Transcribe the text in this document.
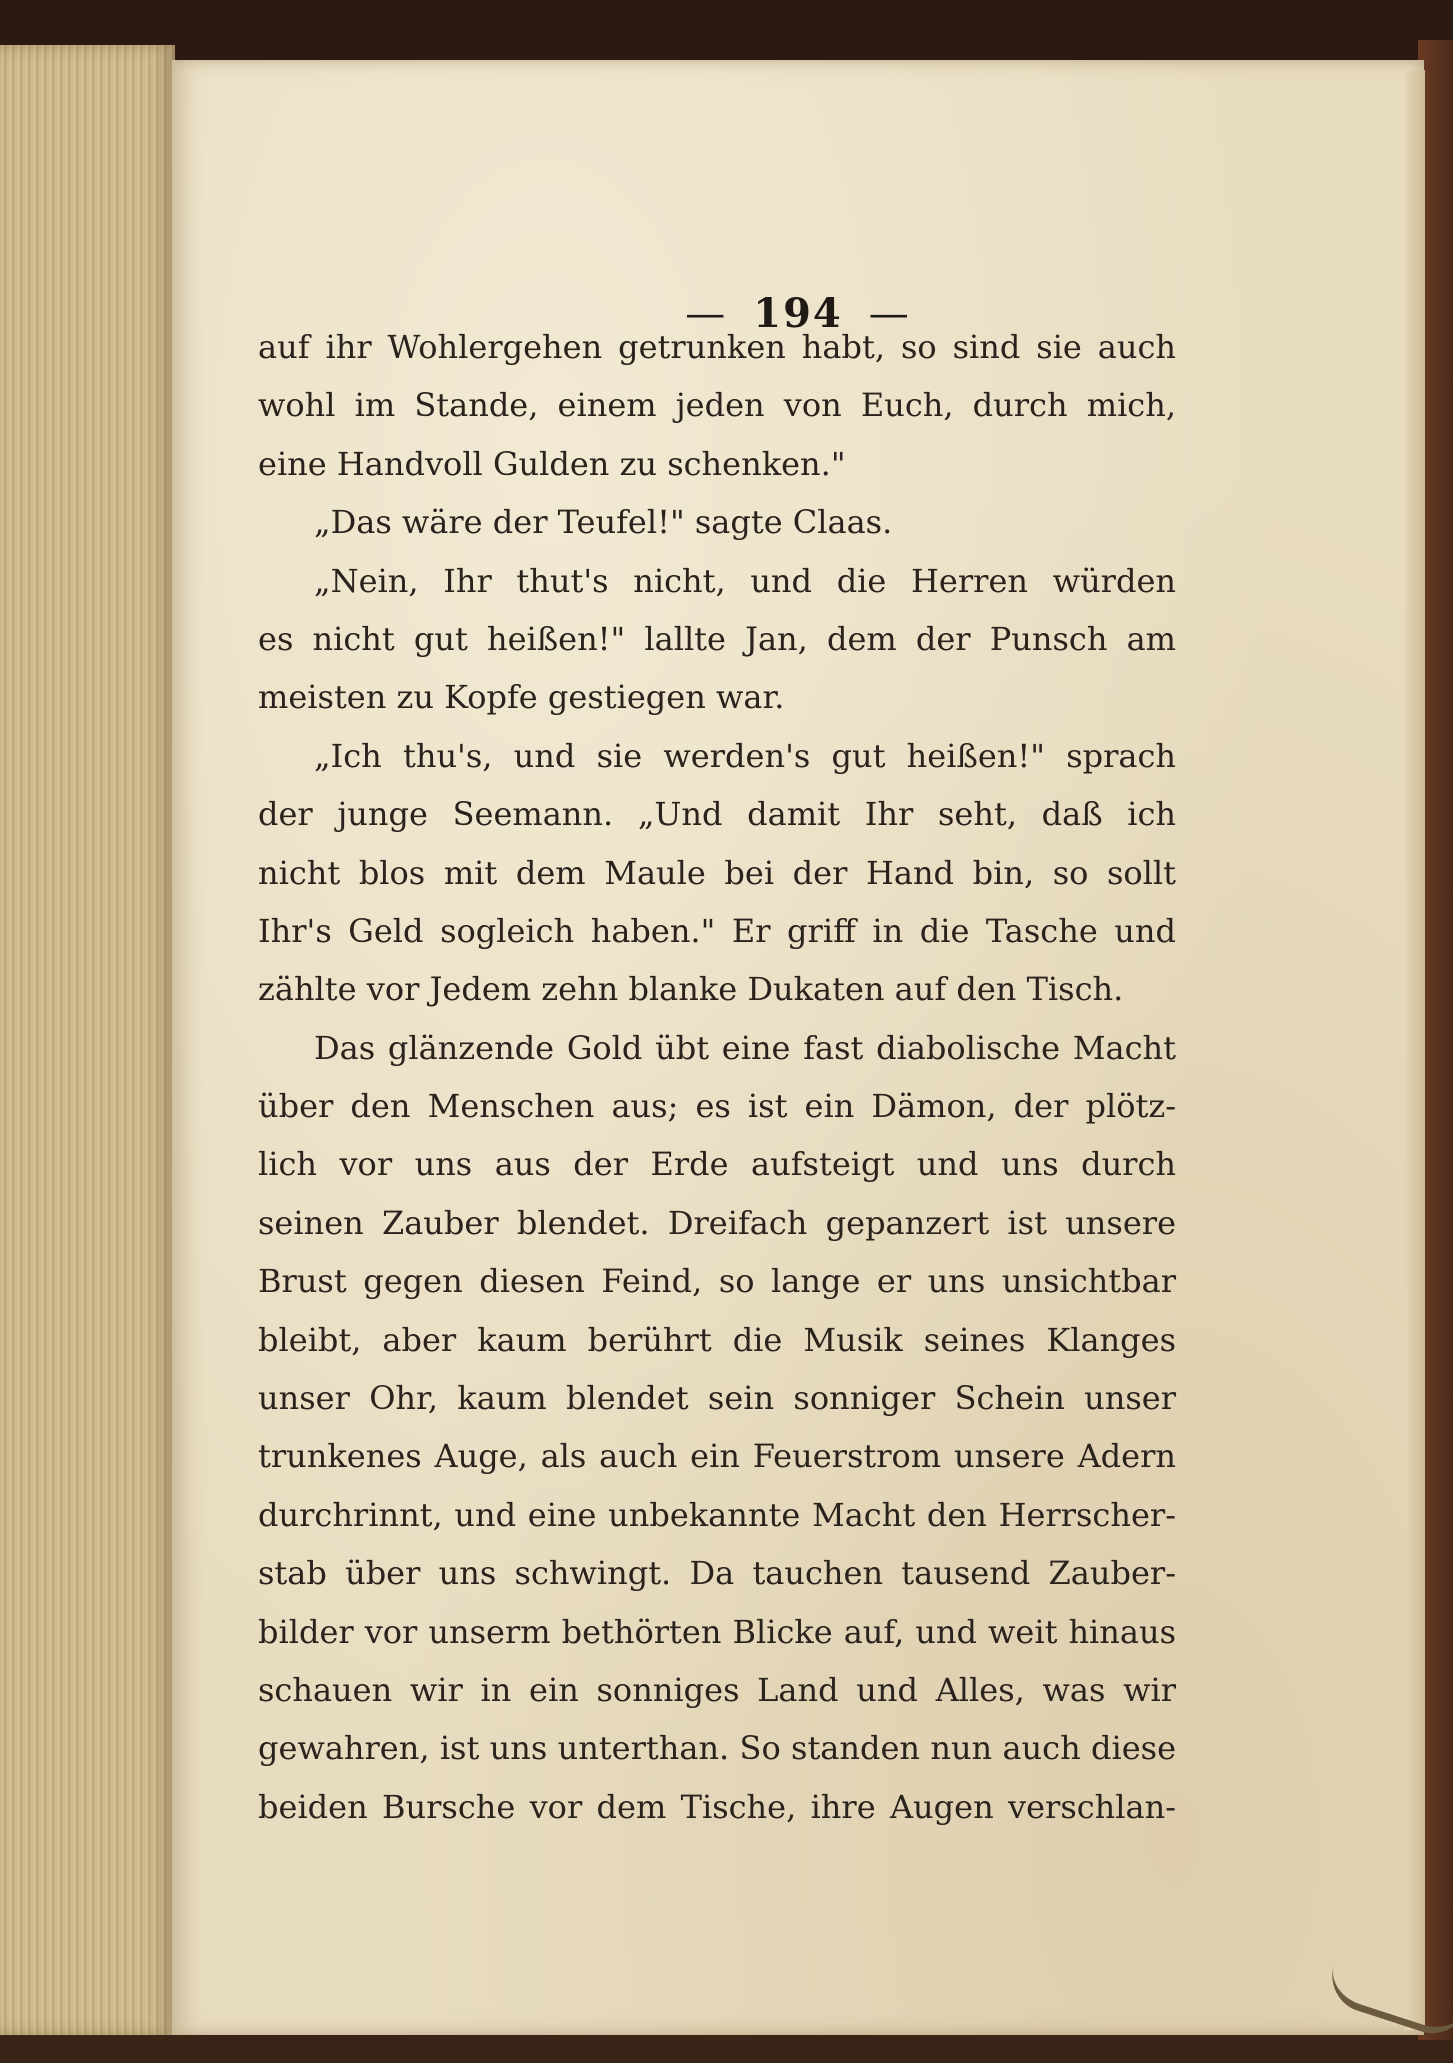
— 194 —
auf ihr Wohlergehen getrunken habt, so sind sie auch
wohl im Stande, einem jeden von Euch, durch mich,
eine Handvoll Gulden zu schenken."
„Das wäre der Teufel!" sagte Claas.
„Nein, Ihr thut's nicht, und die Herren würden
es nicht gut heißen!" lallte Jan, dem der Punsch am
meisten zu Kopfe gestiegen war.
„Ich thu's, und sie werden's gut heißen!" sprach
der junge Seemann. „Und damit Ihr seht, daß ich
nicht blos mit dem Maule bei der Hand bin, so sollt
Ihr's Geld sogleich haben." Er griff in die Tasche und
zählte vor Jedem zehn blanke Dukaten auf den Tisch.
Das glänzende Gold übt eine fast diabolische Macht
über den Menschen aus; es ist ein Dämon, der plötz-
lich vor uns aus der Erde aufsteigt und uns durch
seinen Zauber blendet. Dreifach gepanzert ist unsere
Brust gegen diesen Feind, so lange er uns unsichtbar
bleibt, aber kaum berührt die Musik seines Klanges
unser Ohr, kaum blendet sein sonniger Schein unser
trunkenes Auge, als auch ein Feuerstrom unsere Adern
durchrinnt, und eine unbekannte Macht den Herrscher-
stab über uns schwingt. Da tauchen tausend Zauber-
bilder vor unserm bethörten Blicke auf, und weit hinaus
schauen wir in ein sonniges Land und Alles, was wir
gewahren, ist uns unterthan. So standen nun auch diese
beiden Bursche vor dem Tische, ihre Augen verschlan-
